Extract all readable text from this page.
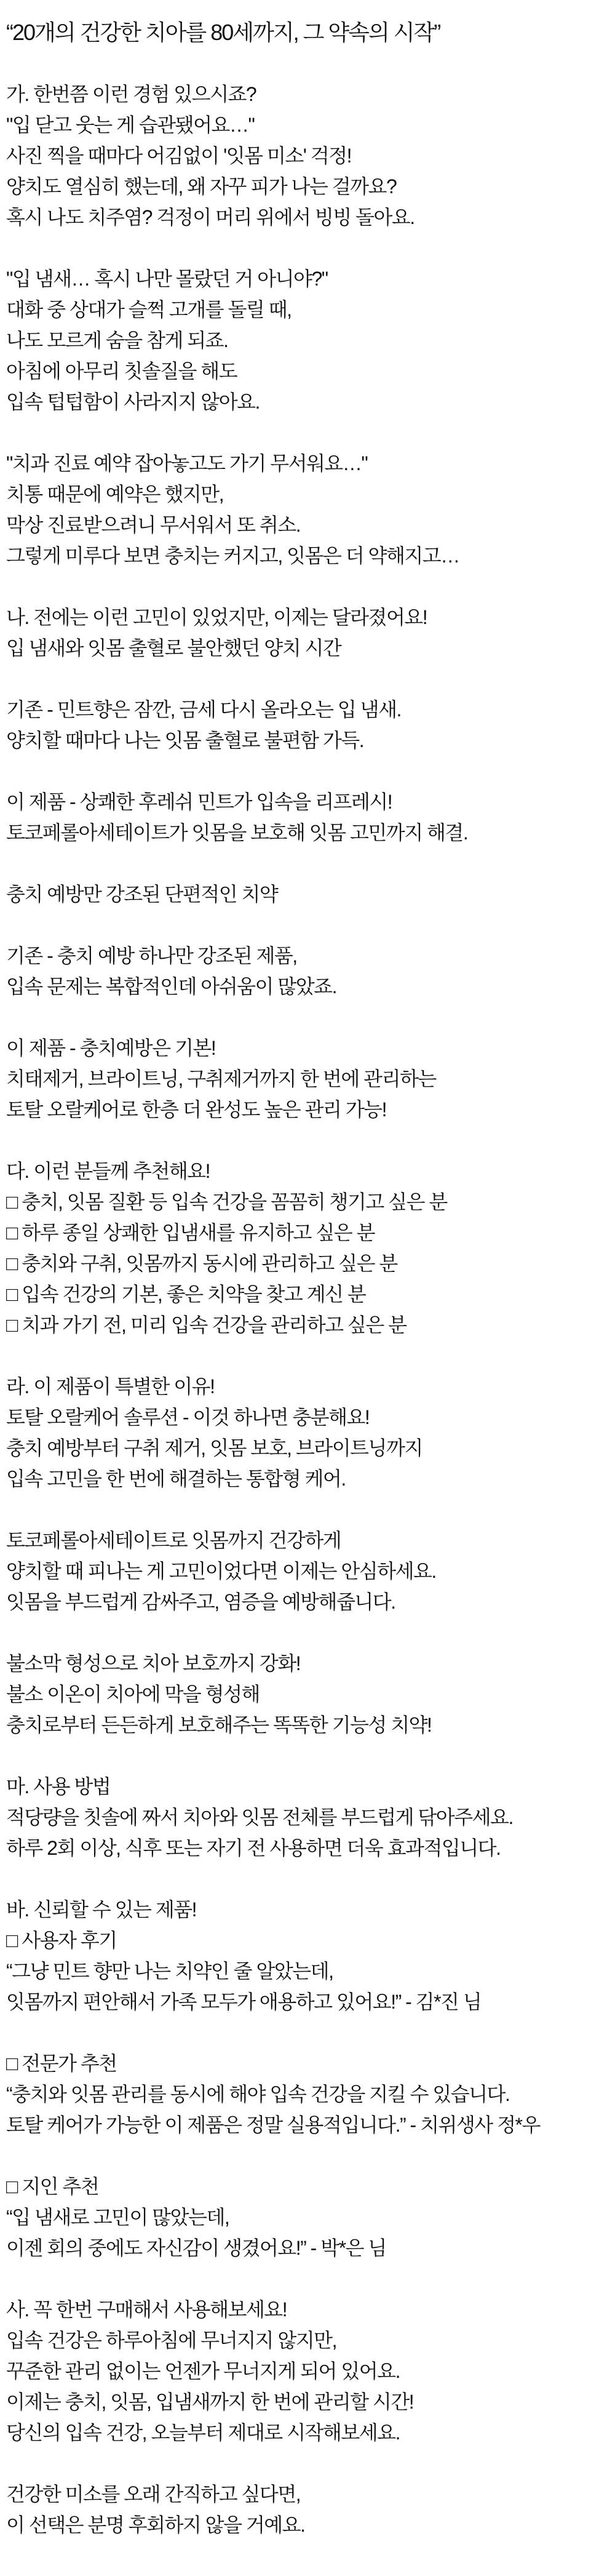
“20개의 건강한 치아를 80세까지, 그 약속의 시작”
가. 한번쯤 이런 경험 있으시죠?
"입 닫고 웃는 게 습관됐어요…"
사진 찍을 때마다 어김없이 '잇몸 미소' 걱정!
양치도 열심히 했는데, 왜 자꾸 피가 나는 걸까요?
혹시 나도 치주염? 걱정이 머리 위에서 빙빙 돌아요.
"입 냄새… 혹시 나만 몰랐던 거 아니야?"
대화 중 상대가 슬쩍 고개를 돌릴 때,
나도 모르게 숨을 참게 되죠.
아침에 아무리 칫솔질을 해도
입속 텁텁함이 사라지지 않아요.
"치과 진료 예약 잡아놓고도 가기 무서워요…"
치통 때문에 예약은 했지만,
막상 진료받으려니 무서워서 또 취소.
그렇게 미루다 보면 충치는 커지고, 잇몸은 더 약해지고…
나. 전에는 이런 고민이 있었지만, 이제는 달라졌어요!
입 냄새와 잇몸 출혈로 불안했던 양치 시간
기존 - 민트향은 잠깐, 금세 다시 올라오는 입 냄새.
양치할 때마다 나는 잇몸 출혈로 불편함 가득.
이 제품 - 상쾌한 후레쉬 민트가 입속을 리프레시!
토코페롤아세테이트가 잇몸을 보호해 잇몸 고민까지 해결.
충치 예방만 강조된 단편적인 치약
기존 - 충치 예방 하나만 강조된 제품,
입속 문제는 복합적인데 아쉬움이 많았죠.
이 제품 - 충치예방은 기본!
치태제거, 브라이트닝, 구취제거까지 한 번에 관리하는
토탈 오랄케어로 한층 더 완성도 높은 관리 가능!
다. 이런 분들께 추천해요!
□ 충치, 잇몸 질환 등 입속 건강을 꼼꼼히 챙기고 싶은 분
□ 하루 종일 상쾌한 입냄새를 유지하고 싶은 분
□ 충치와 구취, 잇몸까지 동시에 관리하고 싶은 분
□ 입속 건강의 기본, 좋은 치약을 찾고 계신 분
□ 치과 가기 전, 미리 입속 건강을 관리하고 싶은 분
라. 이 제품이 특별한 이유!
토탈 오랄케어 솔루션 - 이것 하나면 충분해요!
충치 예방부터 구취 제거, 잇몸 보호, 브라이트닝까지
입속 고민을 한 번에 해결하는 통합형 케어.
토코페롤아세테이트로 잇몸까지 건강하게
양치할 때 피나는 게 고민이었다면 이제는 안심하세요.
잇몸을 부드럽게 감싸주고, 염증을 예방해줍니다.
불소막 형성으로 치아 보호까지 강화!
불소 이온이 치아에 막을 형성해
충치로부터 든든하게 보호해주는 똑똑한 기능성 치약!
마. 사용 방법
적당량을 칫솔에 짜서 치아와 잇몸 전체를 부드럽게 닦아주세요.
하루 2회 이상, 식후 또는 자기 전 사용하면 더욱 효과적입니다.
바. 신뢰할 수 있는 제품!
□ 사용자 후기
“그냥 민트 향만 나는 치약인 줄 알았는데,
잇몸까지 편안해서 가족 모두가 애용하고 있어요!” - 김*진 님
□ 전문가 추천
“충치와 잇몸 관리를 동시에 해야 입속 건강을 지킬 수 있습니다.
토탈 케어가 가능한 이 제품은 정말 실용적입니다.” - 치위생사 정*우
□ 지인 추천
“입 냄새로 고민이 많았는데,
이젠 회의 중에도 자신감이 생겼어요!” - 박*은 님
사. 꼭 한번 구매해서 사용해보세요!
입속 건강은 하루아침에 무너지지 않지만,
꾸준한 관리 없이는 언젠가 무너지게 되어 있어요.
이제는 충치, 잇몸, 입냄새까지 한 번에 관리할 시간!
당신의 입속 건강, 오늘부터 제대로 시작해보세요.
건강한 미소를 오래 간직하고 싶다면,
이 선택은 분명 후회하지 않을 거예요.
